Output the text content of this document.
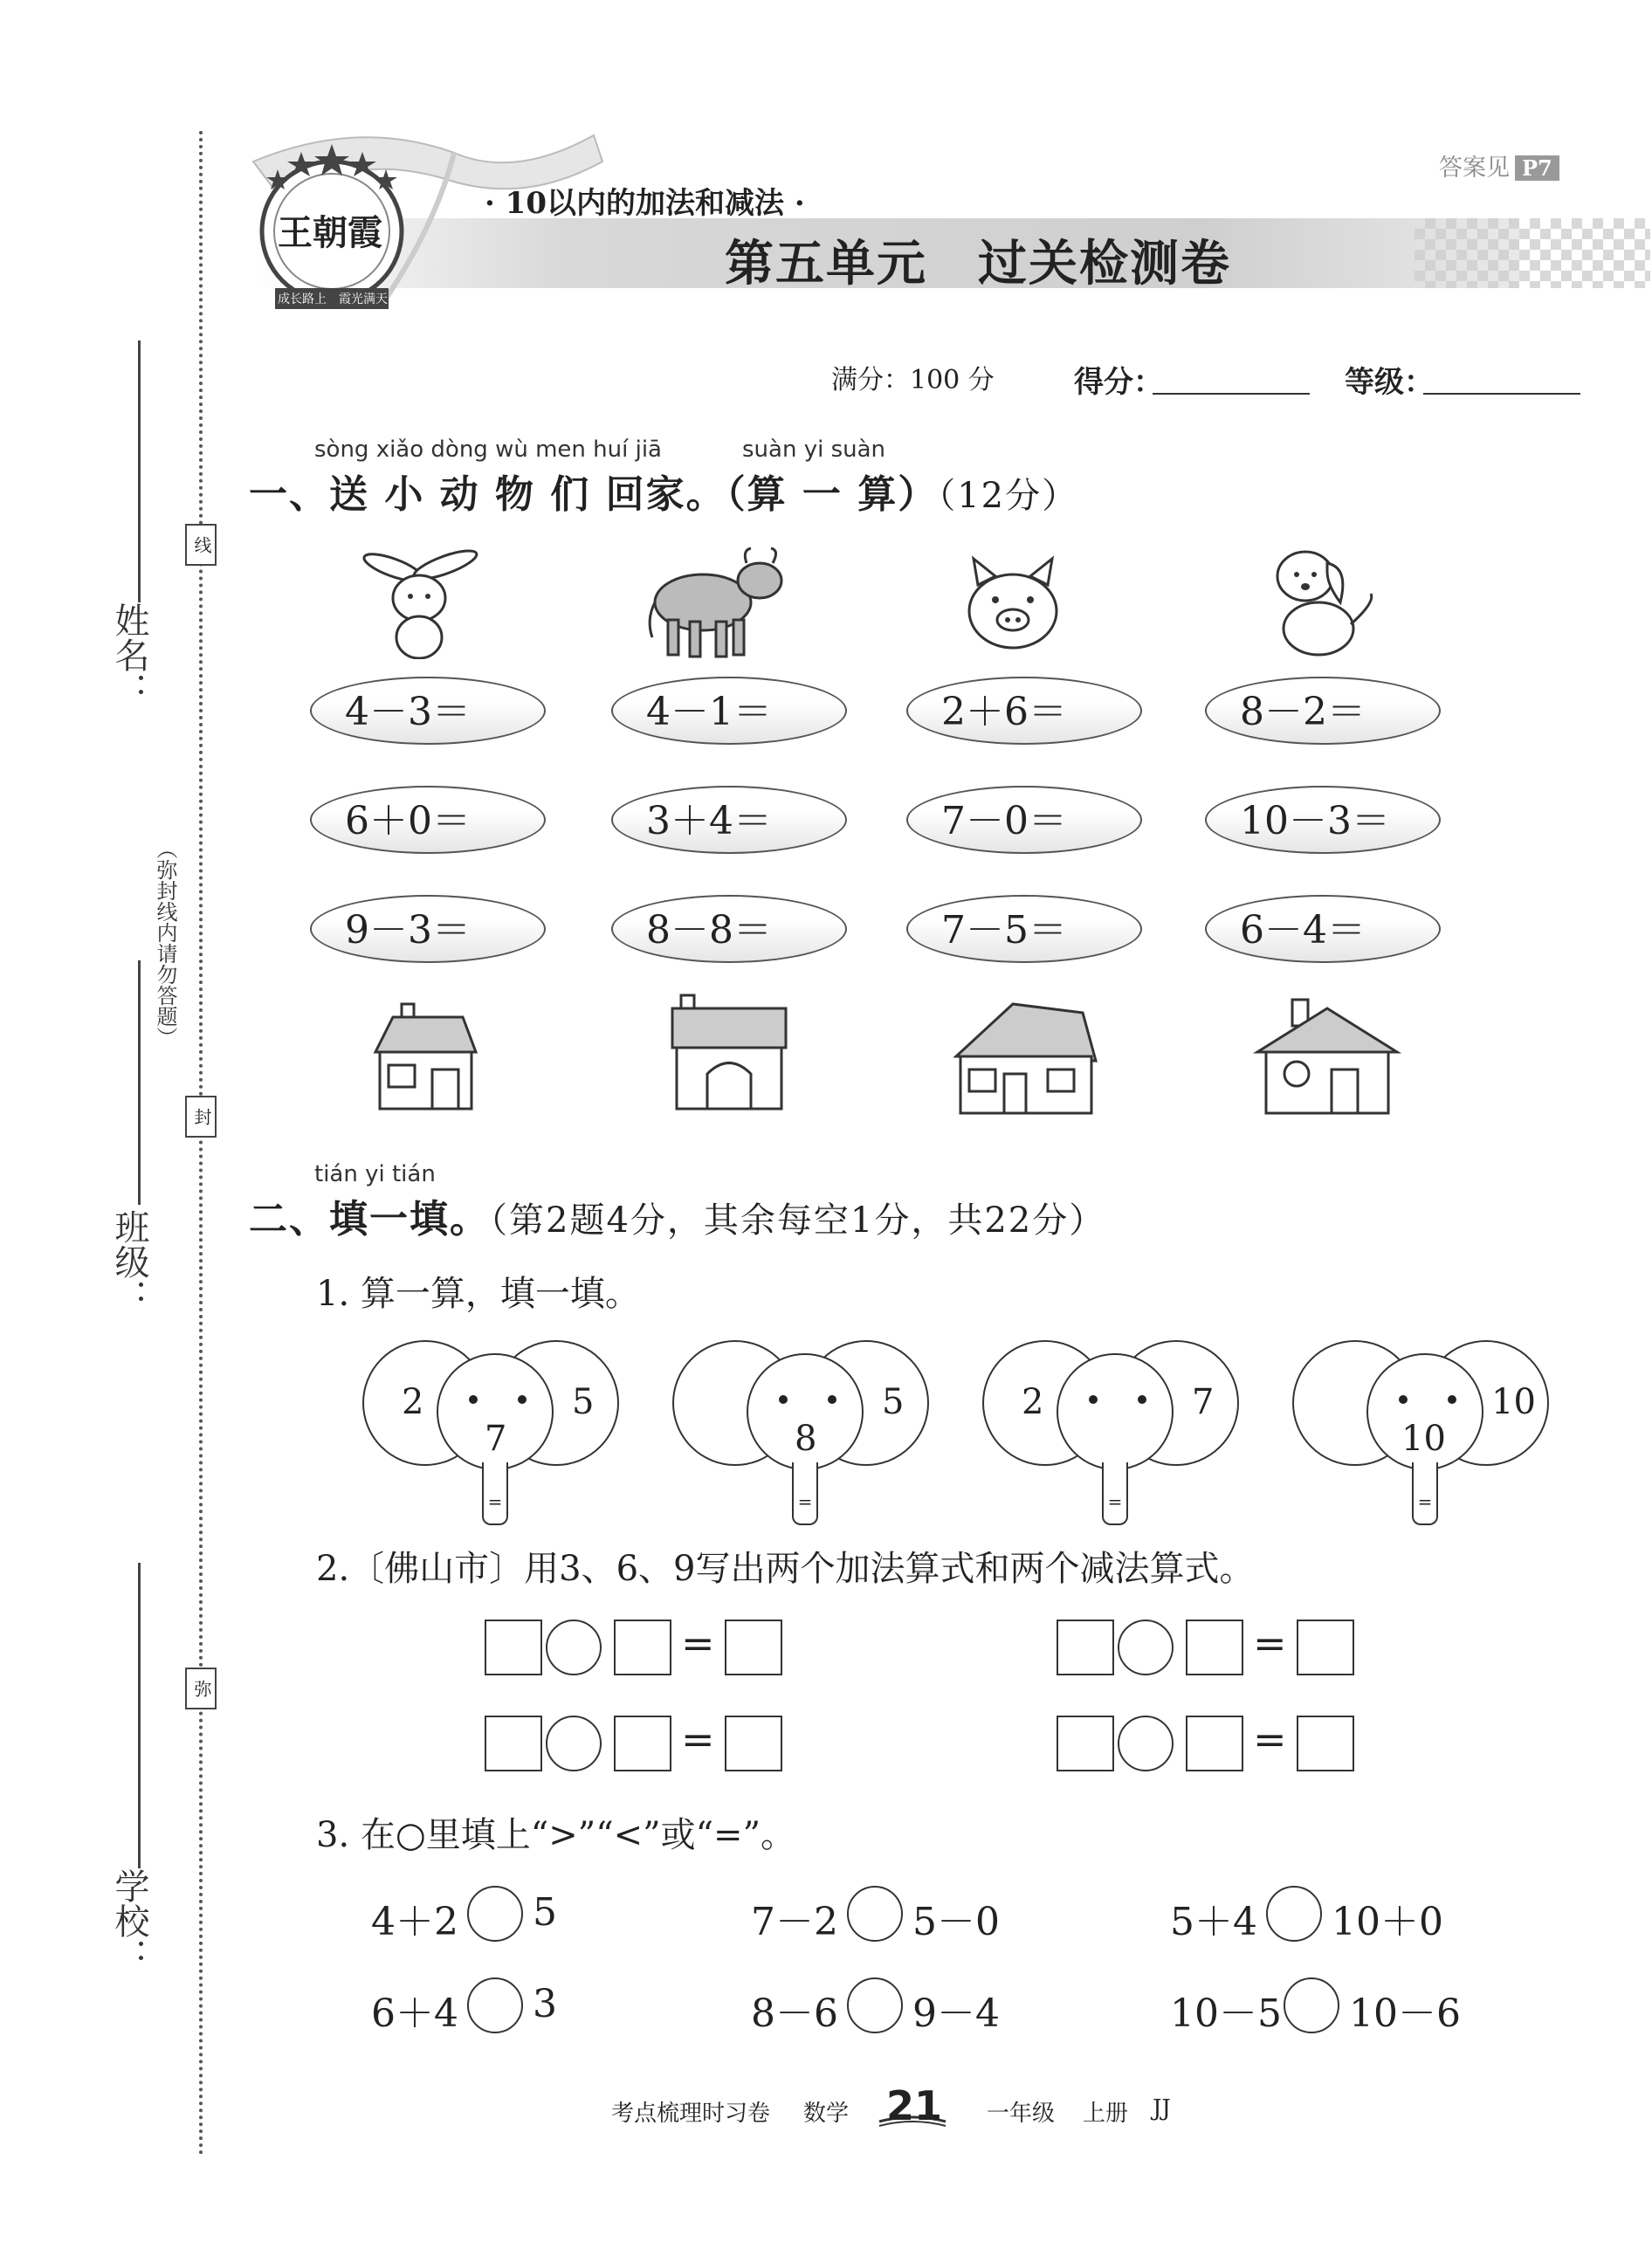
姓名：
班级：
学校：
线
封
弥
（弥封线内请勿答题）
王朝霞
成长路上　霞光满天
答案见 P7
· 10以内的加法和减法 ·
第五单元　过关检测卷
满分：100 分	得分：	等级：
sòng xiǎo dòng wù men huí jiā	suàn yi suàn
一、送 小 动 物 们 回家。（算 一 算）（12分）
4－3＝	4－1＝	2＋6＝	8－2＝
6＋0＝	3＋4＝	7－0＝	10－3＝
9－3＝	8－8＝	7－5＝	6－4＝
tián yi tián
二、填一填。（第2题4分，其余每空1分，共22分）
1. 算一算，填一填。
=
2	5
7
=
5
8
=
2	7
=
10
10
2.〔佛山市〕用3、6、9写出两个加法算式和两个减法算式。
=	=
=	=
3. 在○里填上“>”“<”或“=”。
4＋2 5	7－2 5－0	5＋4 10＋0
6＋4 3	8－6 9－4	10－5 10－6
考点梳理时习卷 数学 21 一年级 上册 JJ
